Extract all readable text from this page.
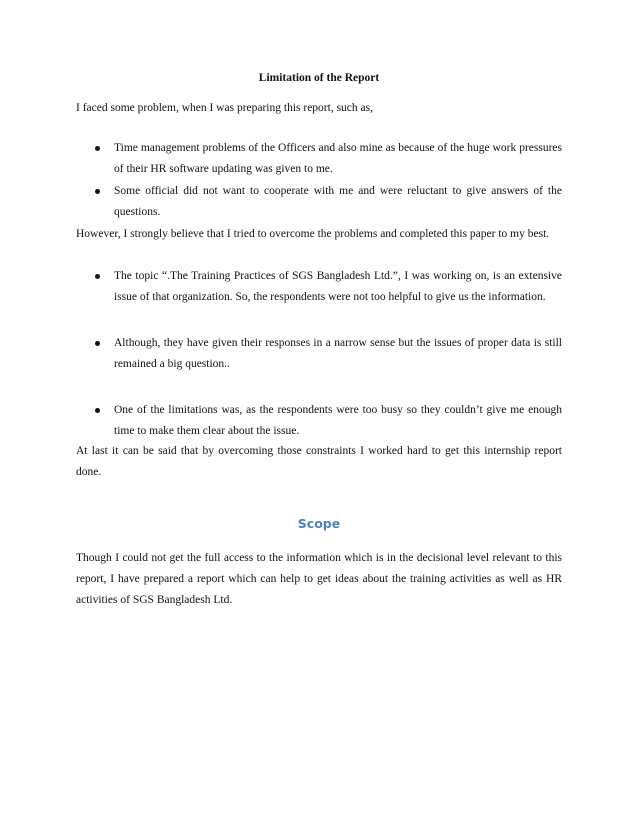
Limitation of the Report

I faced some problem, when I was preparing this report, such as,

Time management problems of the Officers and also mine as because of the huge work pressures of their HR software updating was given to me.
Some official did not want to cooperate with me and were reluctant to give answers of the questions.

However, I strongly believe that I tried to overcome the problems and completed this paper to my best.

The topic “.The Training Practices of SGS Bangladesh Ltd.”, I was working on, is an extensive issue of that organization. So, the respondents were not too helpful to give us the information.
Although, they have given their responses in a narrow sense but the issues of proper data is still remained a big question..
One of the limitations was, as the respondents were too busy so they couldn’t give me enough time to make them clear about the issue.

At last it can be said that by overcoming those constraints I worked hard to get this internship report done.

Scope

Though I could not get the full access to the information which is in the decisional level relevant to this report, I have prepared a report which can help to get ideas about the training activities as well as HR activities of SGS Bangladesh Ltd.
